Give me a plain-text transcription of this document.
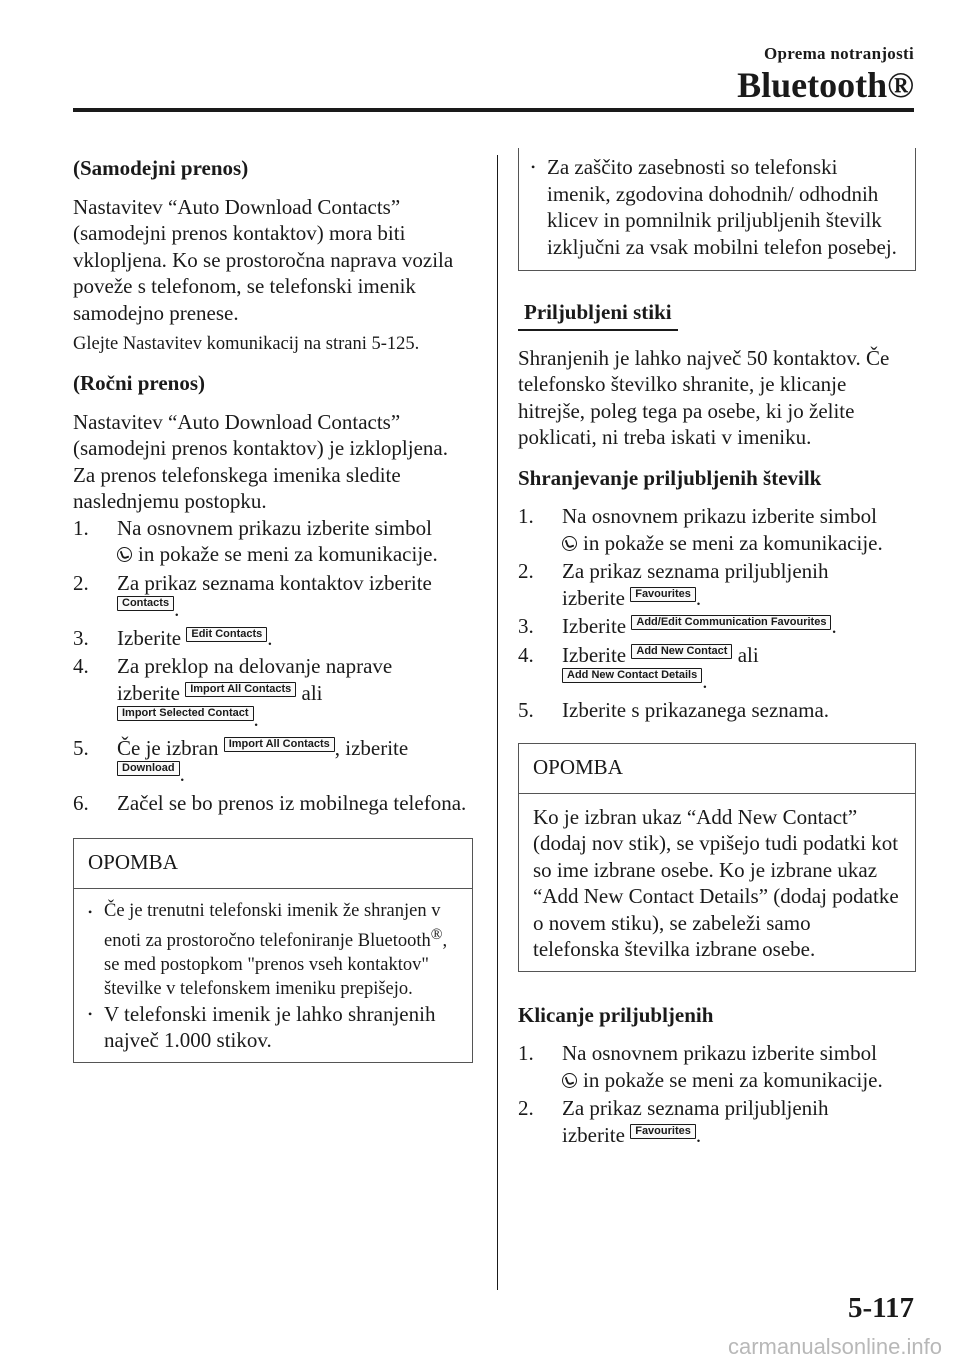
Oprema notranjosti
Bluetooth®

(Samodejni prenos)

Nastavitev “Auto Download Contacts” (samodejni prenos kontaktov) mora biti vklopljena. Ko se prostoročna naprava vozila poveže s telefonom, se telefonski imenik samodejno prenese.

Glejte Nastavitev komunikacij na strani 5-125.

(Ročni prenos)

Nastavitev “Auto Download Contacts” (samodejni prenos kontaktov) je izklopljena. Za prenos telefonskega imenika sledite naslednjemu postopku.

1.	Na osnovnem prikazu izberite simbol
in pokaže se meni za komunikacije.
2.	Za prikaz seznama kontaktov izberite
Contacts .
3.	Izberite Edit Contacts .
4.	Za preklop na delovanje naprave
izberite Import All Contacts ali
Import Selected Contact .
5.	Če je izbran Import All Contacts , izberite
Download .
6.	Začel se bo prenos iz mobilnega telefona.
OPOMBA
• Če je trenutni telefonski imenik že shranjen v enoti za prostoročno telefoniranje Bluetooth®, se med postopkom "prenos vseh kontaktov" številke v telefonskem imeniku prepišejo.
• V telefonski imenik je lahko shranjenih največ 1.000 stikov.
• Za zaščito zasebnosti so telefonski imenik, zgodovina dohodnih/ odhodnih klicev in pomnilnik priljubljenih številk izključni za vsak mobilni telefon posebej.
Priljubljeni stiki

Shranjenih je lahko največ 50 kontaktov. Če telefonsko številko shranite, je klicanje hitrejše, poleg tega pa osebe, ki jo želite poklicati, ni treba iskati v imeniku.

Shranjevanje priljubljenih številk

1.	Na osnovnem prikazu izberite simbol
in pokaže se meni za komunikacije.
2.	Za prikaz seznama priljubljenih
izberite Favourites .
3.	Izberite Add/Edit Communication Favourites .
4.	Izberite Add New Contact ali
Add New Contact Details .
5.	Izberite s prikazanega seznama.
OPOMBA

Ko je izbran ukaz “Add New Contact” (dodaj nov stik), se vpišejo tudi podatki kot so ime izbrane osebe. Ko je izbrane ukaz “Add New Contact Details” (dodaj podatke o novem stiku), se zabeleži samo telefonska številka izbrane osebe.

Klicanje priljubljenih

1.	Na osnovnem prikazu izberite simbol
in pokaže se meni za komunikacije.
2.	Za prikaz seznama priljubljenih
izberite Favourites .
5-117
carmanualsonline.info
